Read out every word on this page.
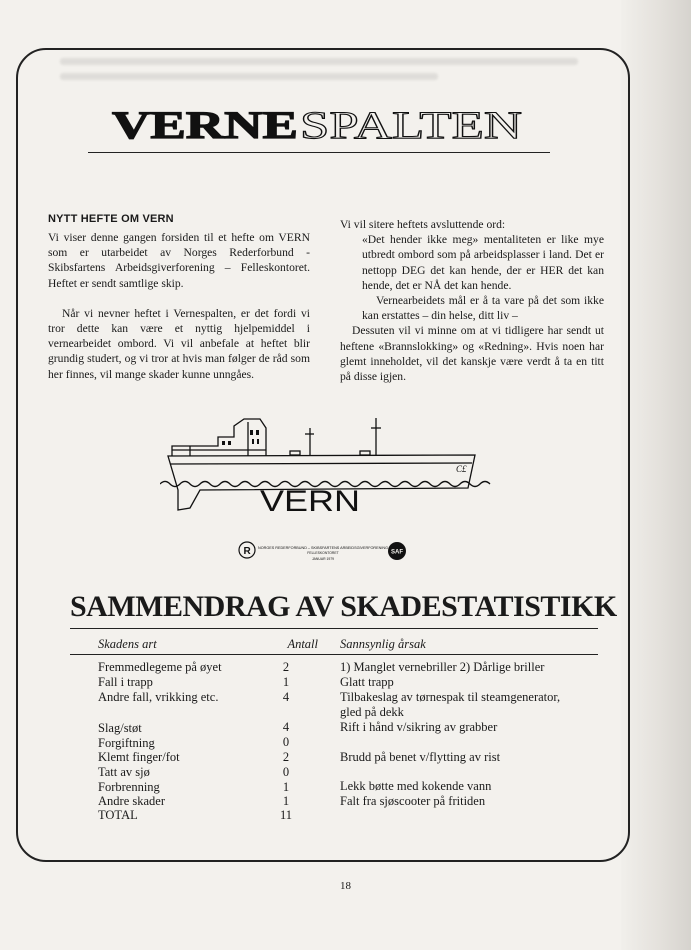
VERNE SPALTEN
NYTT HEFTE OM VERN

Vi viser denne gangen forsiden til et hefte om VERN som er utarbeidet av Norges Rederforbund - Skibsfartens Arbeidsgiverforening – Felleskontoret. Heftet er sendt samtlige skip.

Når vi nevner heftet i Vernespalten, er det fordi vi tror dette kan være et nyttig hjelpemiddel i vernearbeidet ombord. Vi vil anbefale at heftet blir grundig studert, og vi tror at hvis man følger de råd som her finnes, vil mange skader kunne unngåes.

Vi vil sitere heftets avsluttende ord:

«Det hender ikke meg» mentaliteten er like mye utbredt ombord som på arbeidsplasser i land. Det er nettopp DEG det kan hende, der er HER det kan hende, det er NÅ det kan hende.

Vernearbeidets mål er å ta vare på det som ikke kan erstattes – din helse, ditt liv –

Dessuten vil vi minne om at vi tidligere har sendt ut heftene «Brannslokking» og «Redning». Hvis noen har glemt inneholdet, vil det kanskje være verdt å ta en titt på disse igjen.

C£
VERN
R NORGES REDERFORBUND – SKIBSFARTENS ARBEIDSGIVERFORENING
FELLESKONTORET
JANUAR 1979
SAF
SAMMENDRAG AV SKADESTATISTIKK
Skadens art	Antall Sannsynlig årsak
Fremmedlegeme på øyet	2	1) Manglet vernebriller 2) Dårlige briller
Fall i trapp	1	Glatt trapp
Andre fall, vrikking etc.	4	Tilbakeslag av tørnespak til steamgenerator,
gled på dekk
Slag/støt	4	Rift i hånd v/sikring av grabber
Forgiftning	0
Klemt finger/fot	2	Brudd på benet v/flytting av rist
Tatt av sjø	0
Forbrenning	1	Lekk bøtte med kokende vann
Andre skader	1	Falt fra sjøscooter på fritiden
TOTAL	11
18
